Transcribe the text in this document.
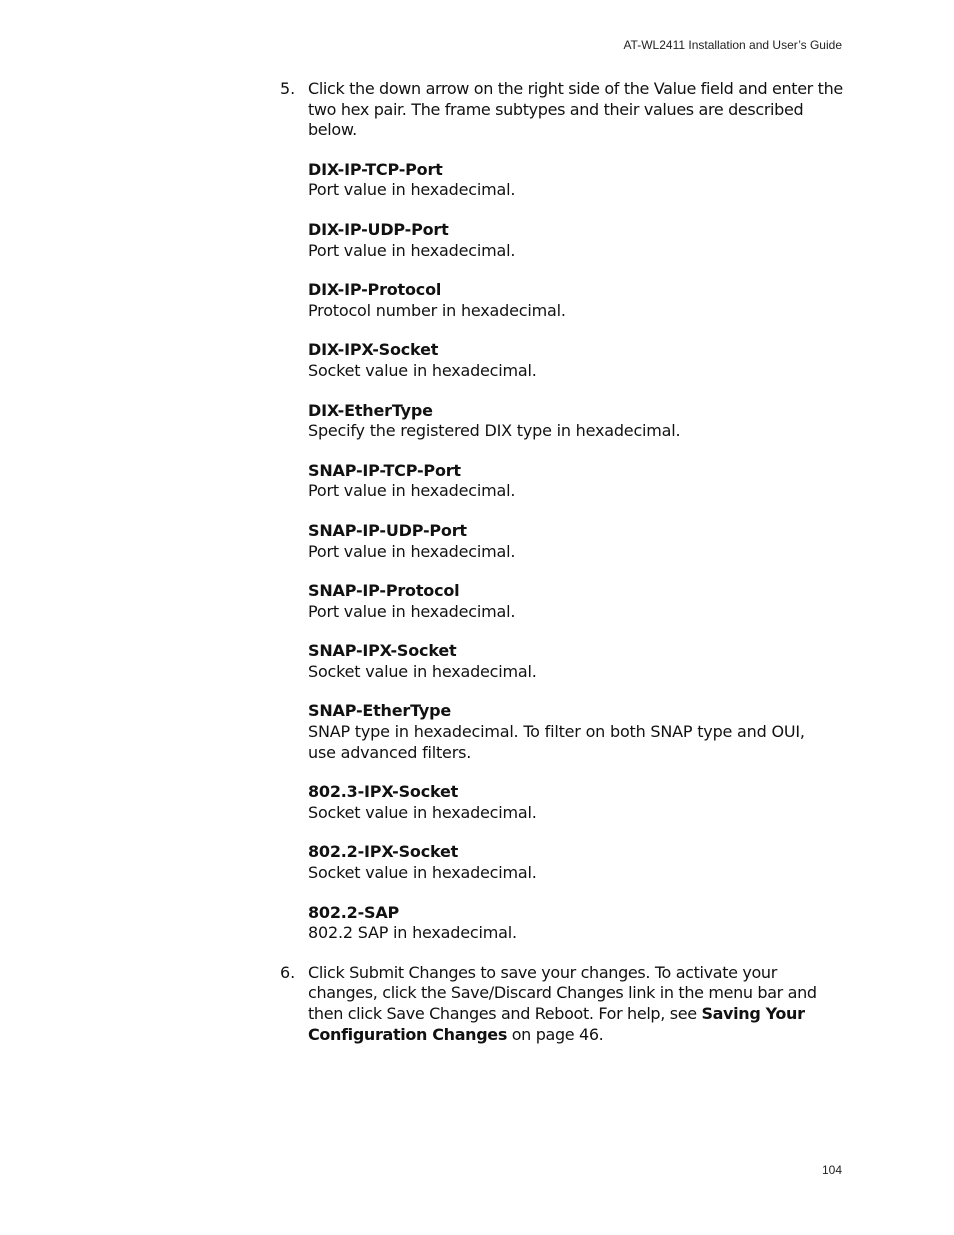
AT-WL2411 Installation and User’s Guide
5. Click the down arrow on the right side of the Value field and enter the two hex pair. The frame subtypes and their values are described below.
DIX-IP-TCP-Port
Port value in hexadecimal.
DIX-IP-UDP-Port
Port value in hexadecimal.
DIX-IP-Protocol
Protocol number in hexadecimal.
DIX-IPX-Socket
Socket value in hexadecimal.
DIX-EtherType
Specify the registered DIX type in hexadecimal.
SNAP-IP-TCP-Port
Port value in hexadecimal.
SNAP-IP-UDP-Port
Port value in hexadecimal.
SNAP-IP-Protocol
Port value in hexadecimal.
SNAP-IPX-Socket
Socket value in hexadecimal.
SNAP-EtherType
SNAP type in hexadecimal. To filter on both SNAP type and OUI, use advanced filters.
802.3-IPX-Socket
Socket value in hexadecimal.
802.2-IPX-Socket
Socket value in hexadecimal.
802.2-SAP
802.2 SAP in hexadecimal.
6. Click Submit Changes to save your changes. To activate your changes, click the Save/Discard Changes link in the menu bar and then click Save Changes and Reboot. For help, see Saving Your Configuration Changes on page 46.
104
